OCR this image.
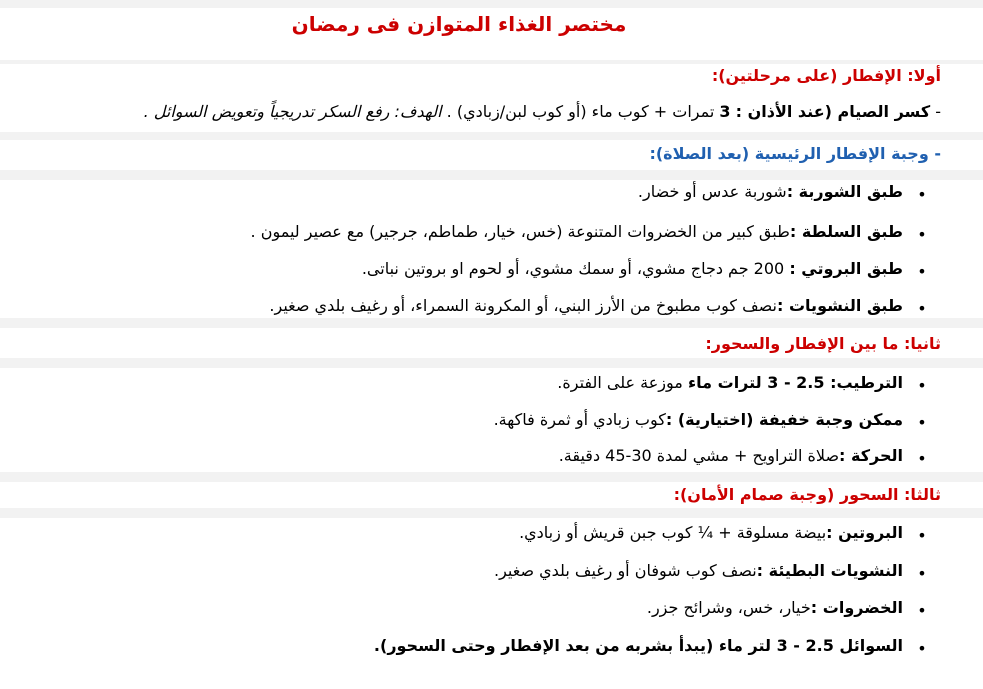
مختصر الغذاء المتوازن فى رمضان
أولا: الإفطار (على مرحلتين):
- كسر الصيام (عند الأذان : 3 تمرات + كوب ماء (أو كوب لبن/زبادي) . الهدف: رفع السكر تدريجياً وتعويض السوائل .
- وجبة الإفطار الرئيسية (بعد الصلاة):
•
طبق الشوربة :شوربة عدس أو خضار.
•
طبق السلطة :طبق كبير من الخضروات المتنوعة (خس، خيار، طماطم، جرجير) مع عصير ليمون .
•
طبق البروتي : 200 جم دجاج مشوي، أو سمك مشوي، أو لحوم او بروتين نباتى.
•
طبق النشويات :نصف كوب مطبوخ من الأرز البني، أو المكرونة السمراء، أو رغيف بلدي صغير.
ثانيا: ما بين الإفطار والسحور:
•
الترطيب: 2.5 - 3 لترات ماء موزعة على الفترة.
•
ممكن وجبة خفيفة (اختيارية) :كوب زبادي أو ثمرة فاكهة.
•
الحركة :صلاة التراويح + مشي لمدة 30-45 دقيقة.
ثالثا: السحور (وجبة صمام الأمان):
•
البروتين :بيضة مسلوقة + ¼ كوب جبن قريش أو زبادي.
•
النشويات البطيئة :نصف كوب شوفان أو رغيف بلدي صغير.
•
الخضروات :خيار، خس، وشرائح جزر.
•
السوائل 2.5 - 3 لتر ماء (يبدأ بشربه من بعد الإفطار وحتى السحور).
